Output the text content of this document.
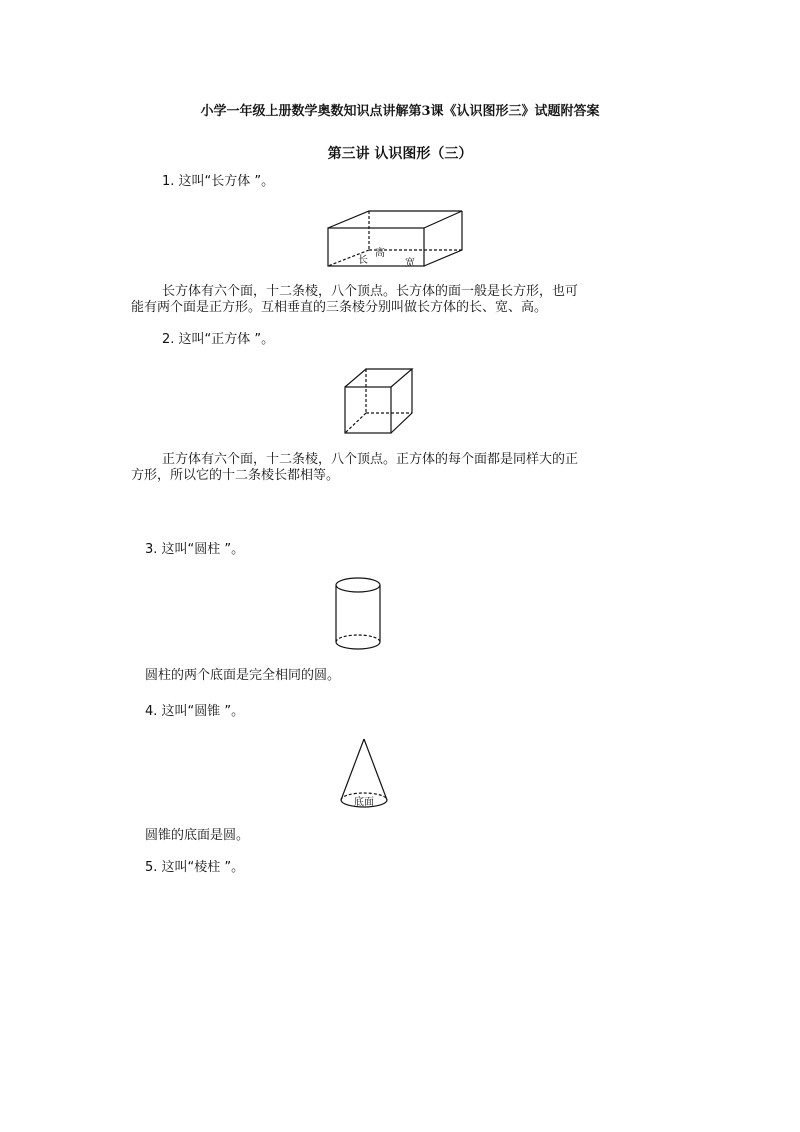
小学一年级上册数学奥数知识点讲解第3课《认识图形三》试题附答案
第三讲 认识图形（三）
1. 这叫“长方体 ”。
长
高
宽
长方体有六个面，十二条棱，八个顶点。长方体的面一般是长方形，也可
能有两个面是正方形。互相垂直的三条棱分别叫做长方体的长、宽、高。
2. 这叫“正方体 ”。
正方体有六个面，十二条棱，八个顶点。正方体的每个面都是同样大的正
方形，所以它的十二条棱长都相等。
3. 这叫“圆柱 ”。
圆柱的两个底面是完全相同的圆。
4. 这叫“圆锥 ”。
底面
圆锥的底面是圆。
5. 这叫“棱柱 ”。
